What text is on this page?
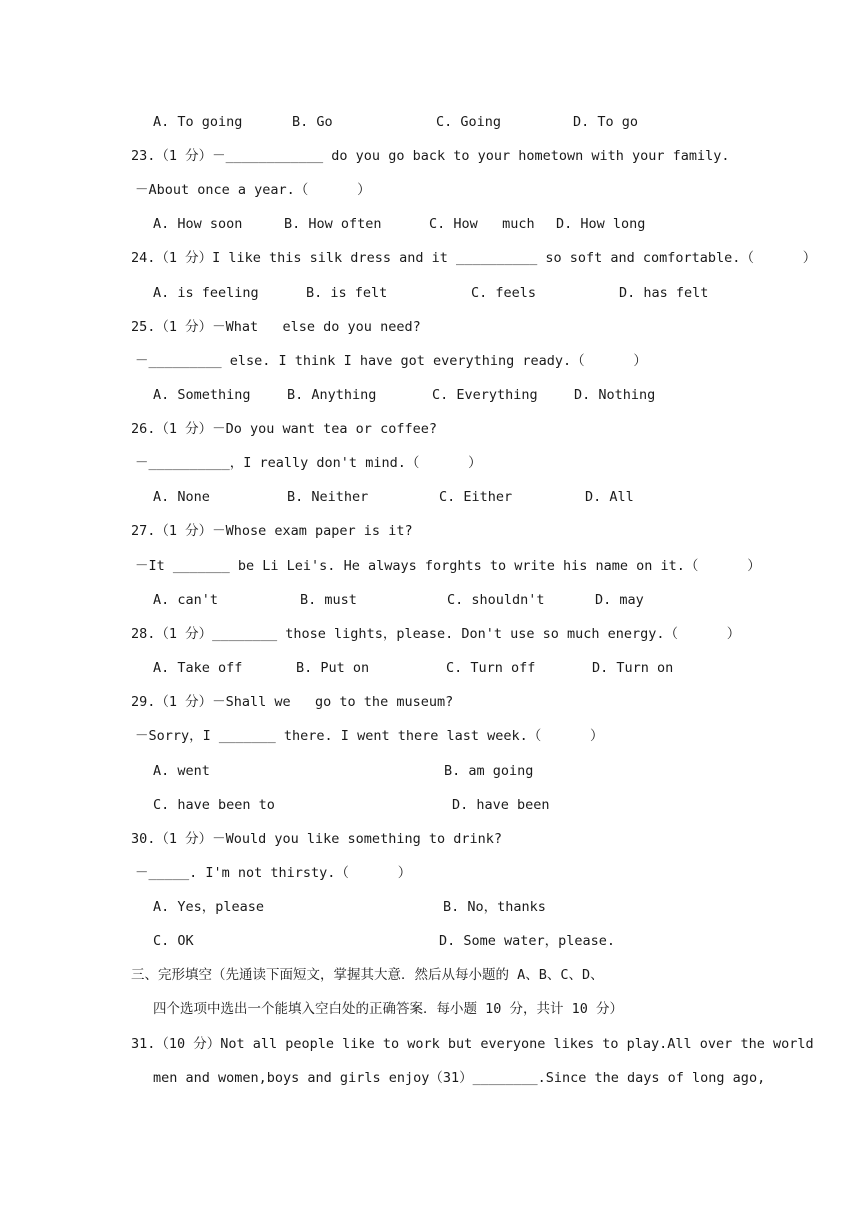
A. To going	B. Go	C. Going	D. To go
23.（1 分）－____________ do you go back to your hometown with your family.
－About once a year.（      ）
A. How soon	B. How often	C. How   much D. How long
24.（1 分）I like this silk dress and it __________ so soft and comfortable.（      ）
A. is feeling	B. is felt	C. feels	D. has felt
25.（1 分）－What   else do you need?
－_________ else. I think I have got everything ready.（      ）
A. Something	B. Anything	C. Everything	D. Nothing
26.（1 分）－Do you want tea or coffee?
－__________，I really don't mind.（      ）
A. None	B. Neither	C. Either	D. All
27.（1 分）－Whose exam paper is it?
－It _______ be Li Lei's. He always forghts to write his name on it.（      ）
A. can't	B. must	C. shouldn't	D. may
28.（1 分）________ those lights，please. Don't use so much energy.（      ）
A. Take off	B. Put on	C. Turn off	D. Turn on
29.（1 分）－Shall we   go to the museum?
－Sorry，I _______ there. I went there last week.（      ）
A. went	B. am going
C. have been to	D. have been
30.（1 分）－Would you like something to drink?
－_____. I'm not thirsty.（      ）
A. Yes，please	B. No，thanks
C. OK	D. Some water，please.
三、完形填空（先通读下面短文，掌握其大意．然后从每小题的 A、B、C、D、
四个选项中选出一个能填入空白处的正确答案．每小题 10 分，共计 10 分）
31.（10 分）Not all people like to work but everyone likes to play.All over the world
men and women,boys and girls enjoy（31）________.Since the days of long ago,
